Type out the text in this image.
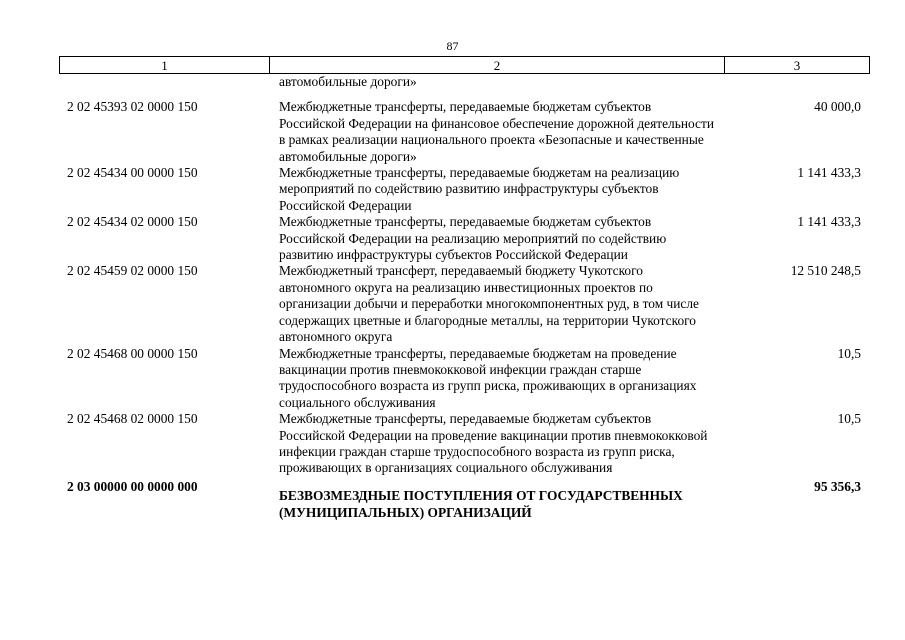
87
1	2	3
	автомобильные дороги»	
2 02 45393 02 0000 150	Межбюджетные трансферты, передаваемые бюджетам субъектов Российской Федерации на финансовое обеспечение дорожной деятельности в рамках реализации национального проекта «Безопасные и качественные автомобильные дороги»	40 000,0
2 02 45434 00 0000 150	Межбюджетные трансферты, передаваемые бюджетам на реализацию мероприятий по содействию развитию инфраструктуры субъектов Российской Федерации	1 141 433,3
2 02 45434 02 0000 150	Межбюджетные трансферты, передаваемые бюджетам субъектов Российской Федерации на реализацию мероприятий по содействию развитию инфраструктуры субъектов Российской Федерации	1 141 433,3
2 02 45459 02 0000 150	Межбюджетный трансферт, передаваемый бюджету Чукотского автономного округа на реализацию инвестиционных проектов по организации добычи и переработки многокомпонентных руд, в том числе содержащих цветные и благородные металлы, на территории Чукотского автономного округа	12 510 248,5
2 02 45468 00 0000 150	Межбюджетные трансферты, передаваемые бюджетам на проведение вакцинации против пневмококковой инфекции граждан старше трудоспособного возраста из групп риска, проживающих в организациях социального обслуживания	10,5
2 02 45468 02 0000 150	Межбюджетные трансферты, передаваемые бюджетам субъектов Российской Федерации на проведение вакцинации против пневмококковой инфекции граждан старше трудоспособного возраста из групп риска, проживающих в организациях социального обслуживания	10,5
2 03 00000 00 0000 000	БЕЗВОЗМЕЗДНЫЕ ПОСТУПЛЕНИЯ ОТ ГОСУДАРСТВЕННЫХ (МУНИЦИПАЛЬНЫХ) ОРГАНИЗАЦИЙ	95 356,3
